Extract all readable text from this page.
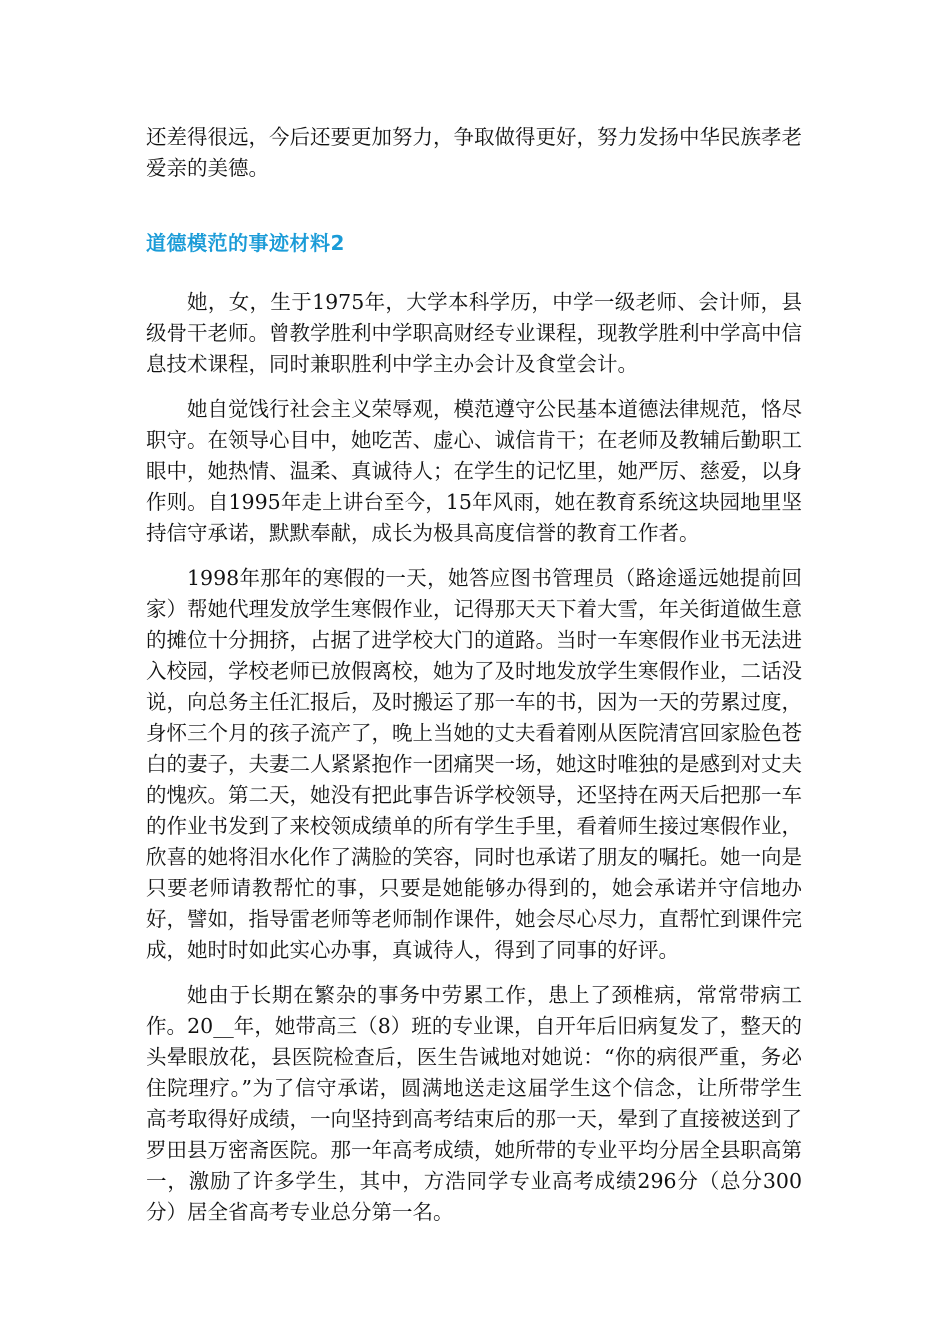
还差得很远，今后还要更加努力，争取做得更好，努力发扬中华民族孝老爱亲的美德。

道德模范的事迹材料2

她，女，生于1975年，大学本科学历，中学一级老师、会计师，县级骨干老师。曾教学胜利中学职高财经专业课程，现教学胜利中学高中信息技术课程，同时兼职胜利中学主办会计及食堂会计。

她自觉饯行社会主义荣辱观，模范遵守公民基本道德法律规范，恪尽职守。在领导心目中，她吃苦、虚心、诚信肯干；在老师及教辅后勤职工眼中，她热情、温柔、真诚待人；在学生的记忆里，她严厉、慈爱，以身作则。自1995年走上讲台至今，15年风雨，她在教育系统这块园地里坚持信守承诺，默默奉献，成长为极具高度信誉的教育工作者。

1998年那年的寒假的一天，她答应图书管理员（路途遥远她提前回家）帮她代理发放学生寒假作业，记得那天天下着大雪，年关街道做生意的摊位十分拥挤，占据了进学校大门的道路。当时一车寒假作业书无法进入校园，学校老师已放假离校，她为了及时地发放学生寒假作业，二话没说，向总务主任汇报后，及时搬运了那一车的书，因为一天的劳累过度，身怀三个月的孩子流产了，晚上当她的丈夫看着刚从医院清宫回家脸色苍白的妻子，夫妻二人紧紧抱作一团痛哭一场，她这时唯独的是感到对丈夫的愧疚。第二天，她没有把此事告诉学校领导，还坚持在两天后把那一车的作业书发到了来校领成绩单的所有学生手里，看着师生接过寒假作业，欣喜的她将泪水化作了满脸的笑容，同时也承诺了朋友的嘱托。她一向是只要老师请教帮忙的事，只要是她能够办得到的，她会承诺并守信地办好，譬如，指导雷老师等老师制作课件，她会尽心尽力，直帮忙到课件完成，她时时如此实心办事，真诚待人，得到了同事的好评。

她由于长期在繁杂的事务中劳累工作，患上了颈椎病，常常带病工作。20__年，她带高三（8）班的专业课，自开年后旧病复发了，整天的头晕眼放花，县医院检查后，医生告诫地对她说：“你的病很严重，务必住院理疗。”为了信守承诺，圆满地送走这届学生这个信念，让所带学生高考取得好成绩，一向坚持到高考结束后的那一天，晕到了直接被送到了罗田县万密斋医院。那一年高考成绩，她所带的专业平均分居全县职高第一，激励了许多学生，其中，方浩同学专业高考成绩296分（总分300分）居全省高考专业总分第一名。
